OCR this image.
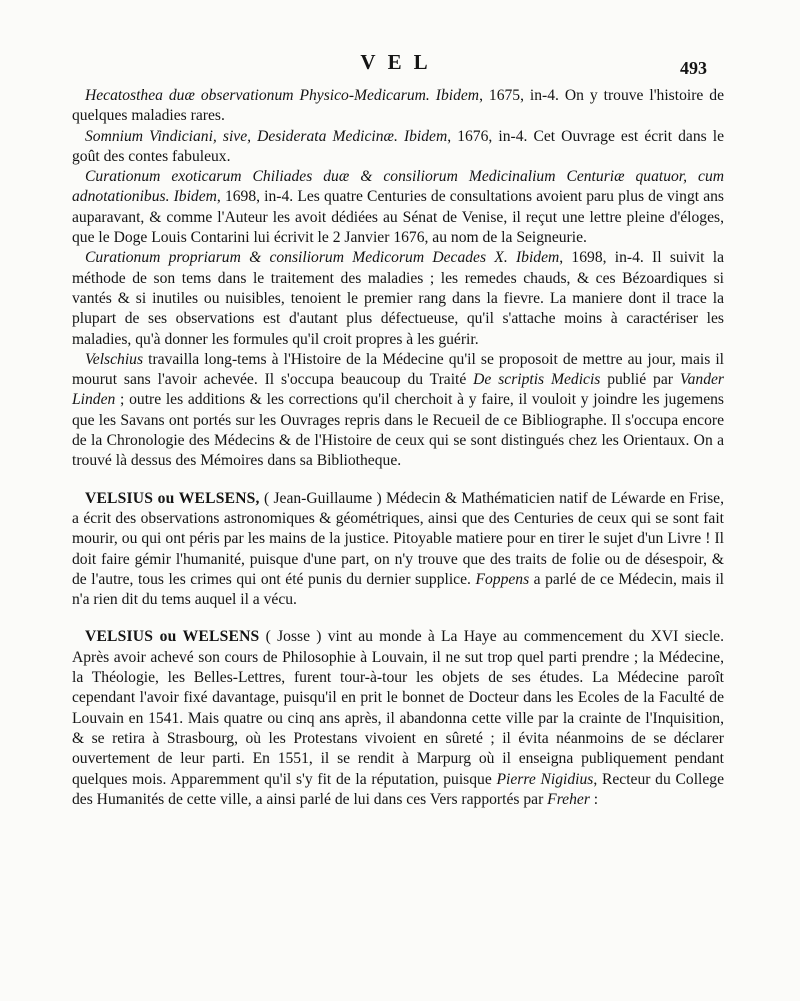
VEL	493

Hecatosthea duæ observationum Physico-Medicarum. Ibidem, 1675, in-4. On y trouve l'histoire de quelques maladies rares.

Somnium Vindiciani, sive, Desiderata Medicinæ. Ibidem, 1676, in-4. Cet Ouvrage est écrit dans le goût des contes fabuleux.

Curationum exoticarum Chiliades duæ & consiliorum Medicinalium Centuriæ quatuor, cum adnotationibus. Ibidem, 1698, in-4. Les quatre Centuries de consultations avoient paru plus de vingt ans auparavant, & comme l'Auteur les avoit dédiées au Sénat de Venise, il reçut une lettre pleine d'éloges, que le Doge Louis Contarini lui écrivit le 2 Janvier 1676, au nom de la Seigneurie.

Curationum propriarum & consiliorum Medicorum Decades X. Ibidem, 1698, in-4. Il suivit la méthode de son tems dans le traitement des maladies ; les remedes chauds, & ces Bézoardiques si vantés & si inutiles ou nuisibles, tenoient le premier rang dans la fievre. La maniere dont il trace la plupart de ses observations est d'autant plus défectueuse, qu'il s'attache moins à caractériser les maladies, qu'à donner les formules qu'il croit propres à les guérir.

Velschius travailla long-tems à l'Histoire de la Médecine qu'il se proposoit de mettre au jour, mais il mourut sans l'avoir achevée. Il s'occupa beaucoup du Traité De scriptis Medicis publié par Vander Linden ; outre les additions & les corrections qu'il cherchoit à y faire, il vouloit y joindre les jugemens que les Savans ont portés sur les Ouvrages repris dans le Recueil de ce Bibliographe. Il s'occupa encore de la Chronologie des Médecins & de l'Histoire de ceux qui se sont distingués chez les Orientaux. On a trouvé là dessus des Mémoires dans sa Bibliotheque.

VELSIUS ou WELSENS, ( Jean-Guillaume ) Médecin & Mathématicien natif de Léwarde en Frise, a écrit des observations astronomiques & géométriques, ainsi que des Centuries de ceux qui se sont fait mourir, ou qui ont péris par les mains de la justice. Pitoyable matiere pour en tirer le sujet d'un Livre ! Il doit faire gémir l'humanité, puisque d'une part, on n'y trouve que des traits de folie ou de désespoir, & de l'autre, tous les crimes qui ont été punis du dernier supplice. Foppens a parlé de ce Médecin, mais il n'a rien dit du tems auquel il a vécu.

VELSIUS ou WELSENS ( Josse ) vint au monde à La Haye au commencement du XVI siecle. Après avoir achevé son cours de Philosophie à Louvain, il ne sut trop quel parti prendre ; la Médecine, la Théologie, les Belles-Lettres, furent tour-à-tour les objets de ses études. La Médecine paroît cependant l'avoir fixé davantage, puisqu'il en prit le bonnet de Docteur dans les Ecoles de la Faculté de Louvain en 1541. Mais quatre ou cinq ans après, il abandonna cette ville par la crainte de l'Inquisition, & se retira à Strasbourg, où les Protestans vivoient en sûreté ; il évita néanmoins de se déclarer ouvertement de leur parti. En 1551, il se rendit à Marpurg où il enseigna publiquement pendant quelques mois. Apparemment qu'il s'y fit de la réputation, puisque Pierre Nigidius, Recteur du College des Humanités de cette ville, a ainsi parlé de lui dans ces Vers rapportés par Freher :
